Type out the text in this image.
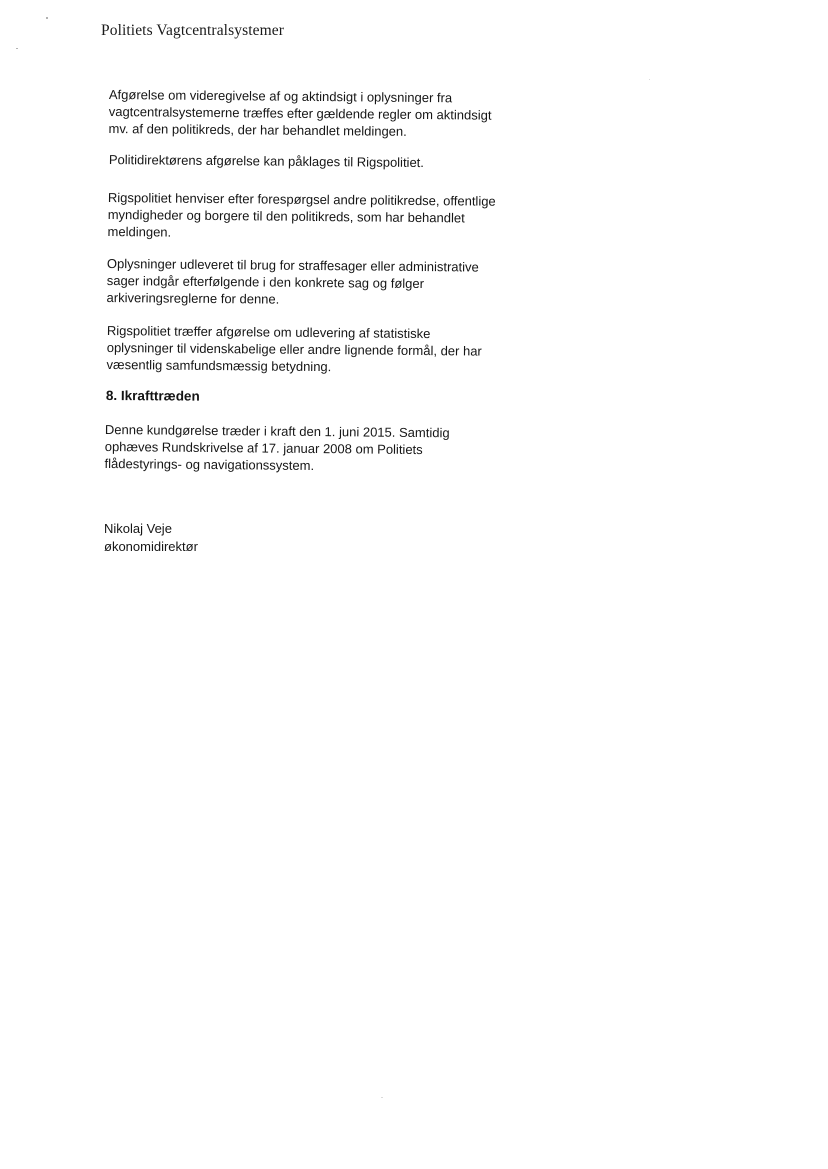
Politiets Vagtcentralsystemer
Afgørelse om videregivelse af og aktindsigt i oplysninger fra
vagtcentralsystemerne træffes efter gældende regler om aktindsigt
mv. af den politikreds, der har behandlet meldingen.
Politidirektørens afgørelse kan påklages til Rigspolitiet.
Rigspolitiet henviser efter forespørgsel andre politikredse, offentlige
myndigheder og borgere til den politikreds, som har behandlet
meldingen.
Oplysninger udleveret til brug for straffesager eller administrative
sager indgår efterfølgende i den konkrete sag og følger
arkiveringsreglerne for denne.
Rigspolitiet træffer afgørelse om udlevering af statistiske
oplysninger til videnskabelige eller andre lignende formål, der har
væsentlig samfundsmæssig betydning.
8. Ikrafttræden
Denne kundgørelse træder i kraft den 1. juni 2015. Samtidig
ophæves Rundskrivelse af 17. januar 2008 om Politiets
flådestyrings- og navigationssystem.
Nikolaj Veje
økonomidirektør
